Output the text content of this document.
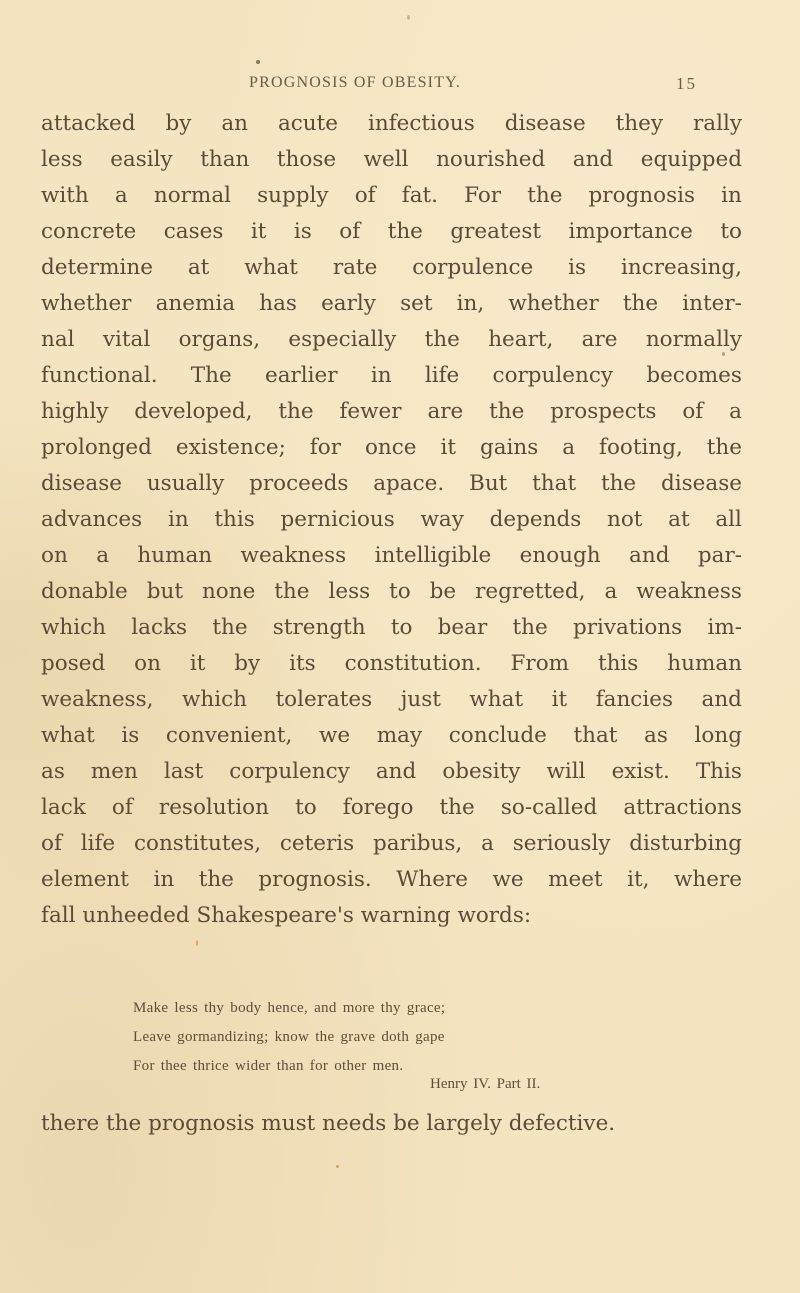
PROGNOSIS OF OBESITY.	15
attacked by an acute infectious disease they rally
less easily than those well nourished and equipped
with a normal supply of fat. For the prognosis in
concrete cases it is of the greatest importance to
determine at what rate corpulence is increasing,
whether anemia has early set in, whether the inter-
nal vital organs, especially the heart, are normally
functional. The earlier in life corpulency becomes
highly developed, the fewer are the prospects of a
prolonged existence; for once it gains a footing, the
disease usually proceeds apace. But that the disease
advances in this pernicious way depends not at all
on a human weakness intelligible enough and par-
donable but none the less to be regretted, a weakness
which lacks the strength to bear the privations im-
posed on it by its constitution. From this human
weakness, which tolerates just what it fancies and
what is convenient, we may conclude that as long
as men last corpulency and obesity will exist. This
lack of resolution to forego the so-called attractions
of life constitutes, ceteris paribus, a seriously disturbing
element in the prognosis. Where we meet it, where
fall
unheeded
Shakespeare's
warning
words:

Make less thy body hence, and more thy grace;
Leave gormandizing; know the grave doth gape
For thee thrice wider than for other men.
Henry IV. Part II.
there the prognosis must needs be largely defective.
